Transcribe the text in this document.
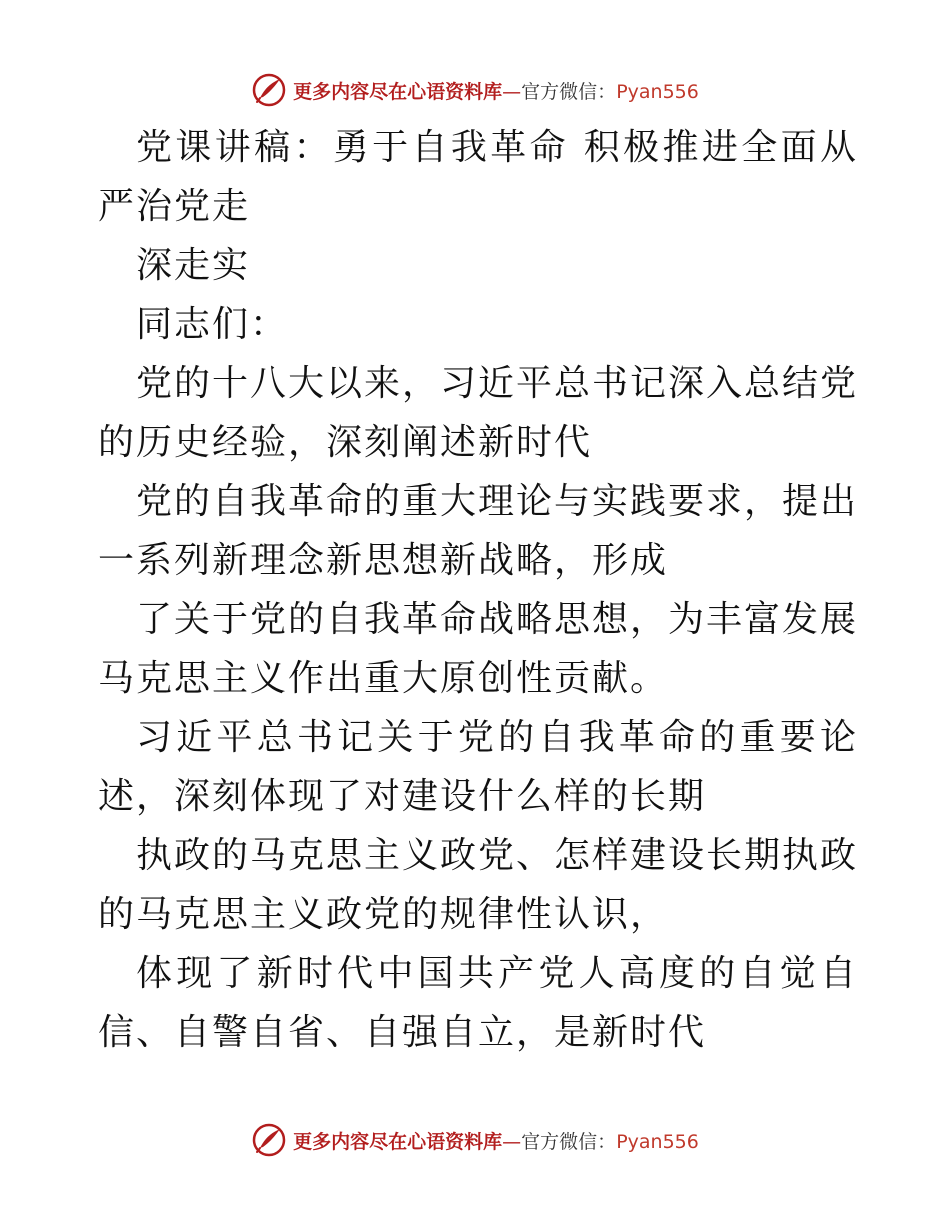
更多内容尽在心语资料库—官方微信：Pyan556

党课讲稿：勇于自我革命 积极推进全面从严治党走

深走实

同志们：

党的十八大以来，习近平总书记深入总结党的历史经验，深刻阐述新时代

党的自我革命的重大理论与实践要求，提出一系列新理念新思想新战略，形成

了关于党的自我革命战略思想，为丰富发展马克思主义作出重大原创性贡献。

习近平总书记关于党的自我革命的重要论述，深刻体现了对建设什么样的长期

执政的马克思主义政党、怎样建设长期执政的马克思主义政党的规律性认识，

体现了新时代中国共产党人高度的自觉自信、自警自省、自强自立，是新时代

更多内容尽在心语资料库—官方微信：Pyan556
